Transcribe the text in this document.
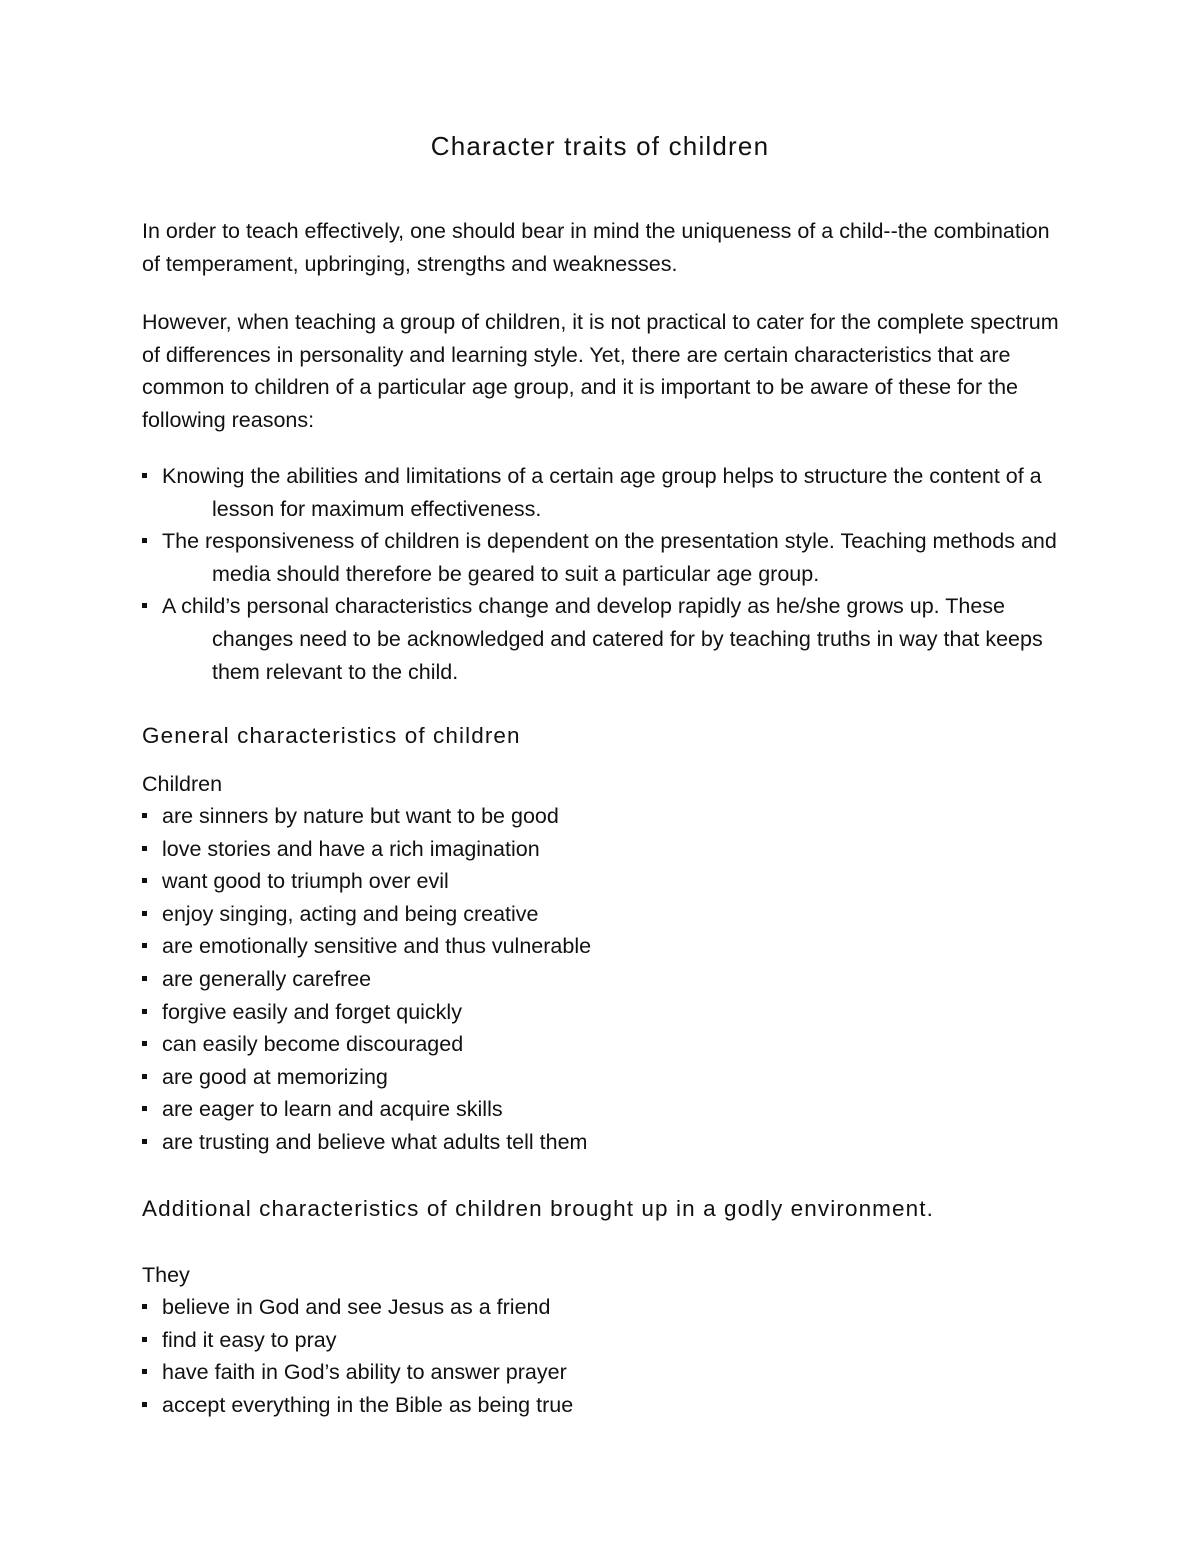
Character traits of children

In order to teach effectively, one should bear in mind the uniqueness of a child--the combination of temperament, upbringing, strengths and weaknesses.

However, when teaching a group of children, it is not practical to cater for the complete spectrum of differences in personality and learning style. Yet, there are certain characteristics that are common to children of a particular age group, and it is important to be aware of these for the following reasons:

Knowing the abilities and limitations of a certain age group helps to structure the content of a lesson for maximum effectiveness.
The responsiveness of children is dependent on the presentation style. Teaching methods and media should therefore be geared to suit a particular age group.
A child’s personal characteristics change and develop rapidly as he/she grows up. These changes need to be acknowledged and catered for by teaching truths in way that keeps them relevant to the child.
General characteristics of children

Children

are sinners by nature but want to be good
love stories and have a rich imagination
want good to triumph over evil
enjoy singing, acting and being creative
are emotionally sensitive and thus vulnerable
are generally carefree
forgive easily and forget quickly
can easily become discouraged
are good at memorizing
are eager to learn and acquire skills
are trusting and believe what adults tell them
Additional characteristics of children brought up in a godly environment.

They

believe in God and see Jesus as a friend
find it easy to pray
have faith in God’s ability to answer prayer
accept everything in the Bible as being true
